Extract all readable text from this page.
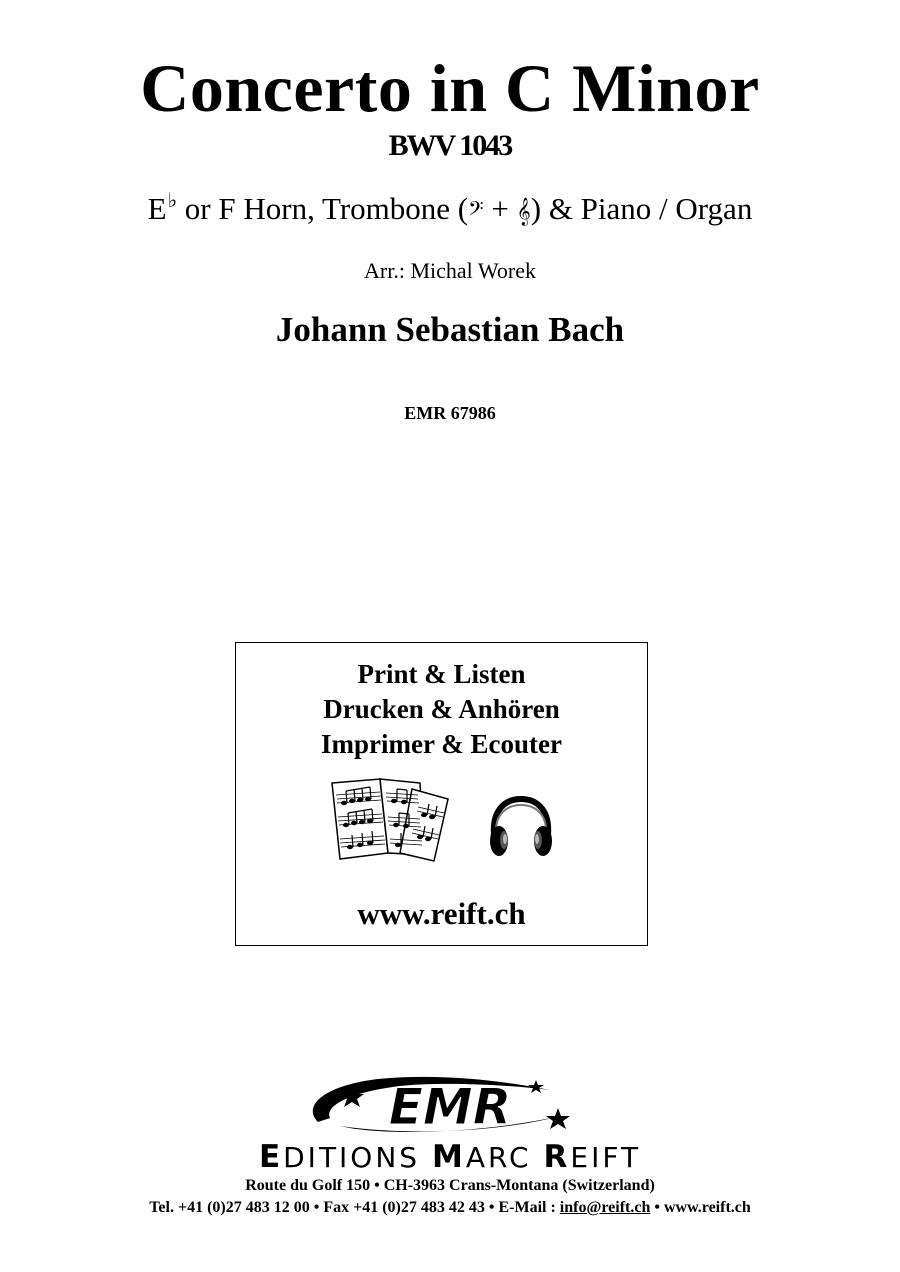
Concerto in C Minor
BWV 1043
E♭ or F Horn, Trombone (𝄢 + 𝄞) & Piano / Organ
Arr.: Michal Worek
Johann Sebastian Bach
EMR 67986
Print & Listen
Drucken & Anhören
Imprimer & Ecouter
www.reift.ch
EMR
EDITIONS MARC REIFT
Route du Golf 150 • CH-3963 Crans-Montana (Switzerland)
Tel. +41 (0)27 483 12 00 • Fax +41 (0)27 483 42 43 • E-Mail : info@reift.ch • www.reift.ch
